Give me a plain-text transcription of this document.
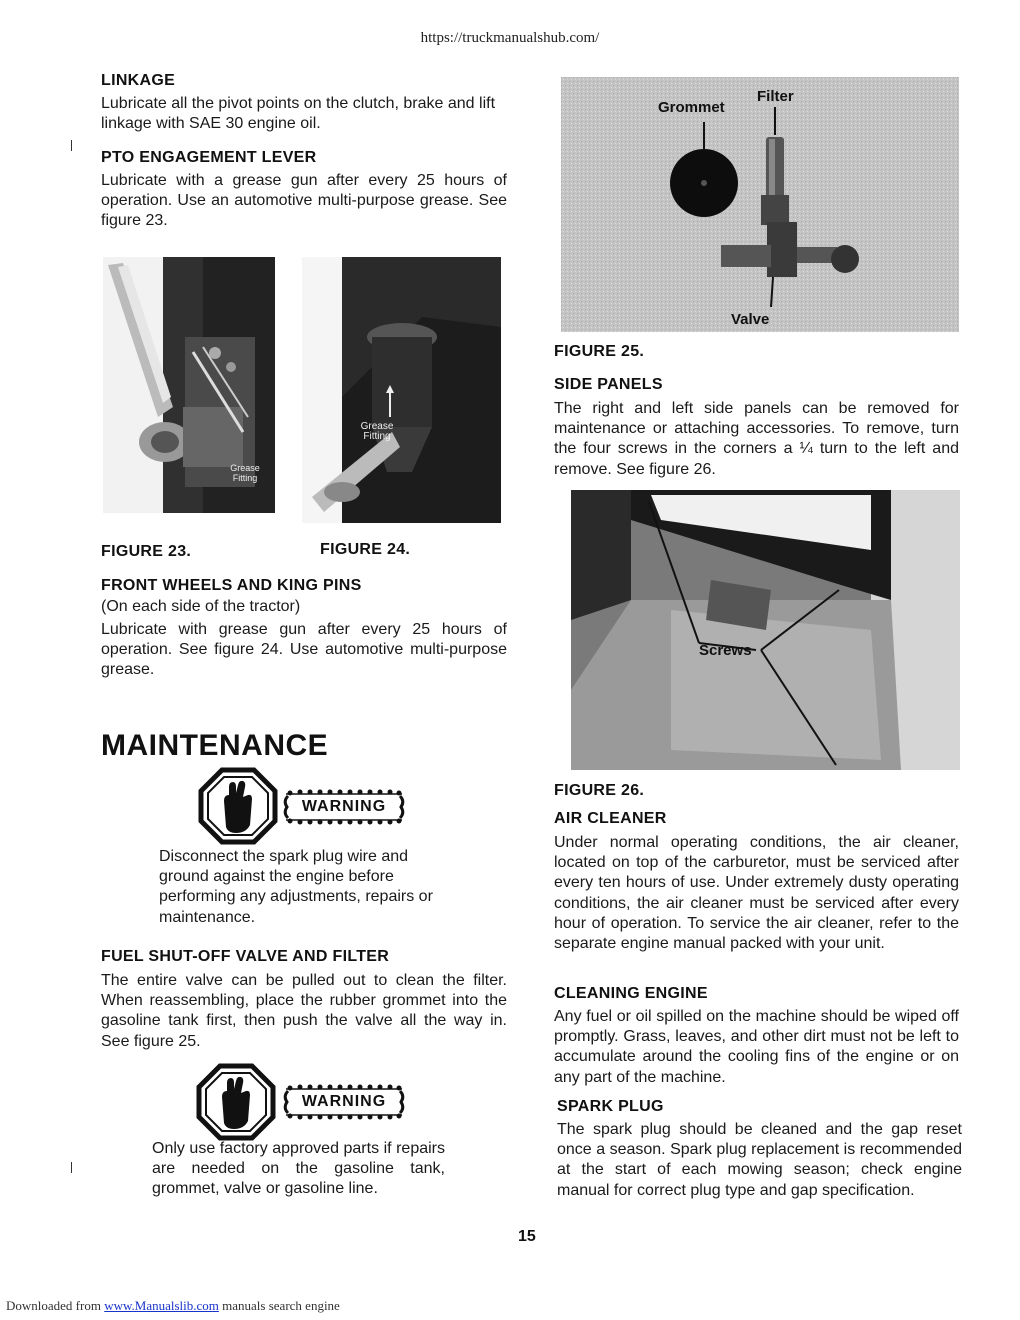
https://truckmanualshub.com/
LINKAGE
Lubricate all the pivot points on the clutch, brake and lift linkage with SAE 30 engine oil.
PTO ENGAGEMENT LEVER
Lubricate with a grease gun after every 25 hours of operation. Use an automotive multi-purpose grease. See figure 23.
Grease Fitting
Grease Fitting
FIGURE 23.	FIGURE 24.
FRONT WHEELS AND KING PINS
(On each side of the tractor)
Lubricate with grease gun after every 25 hours of operation. See figure 24. Use automotive multi-purpose grease.
MAINTENANCE
WARNING
Disconnect the spark plug wire and ground against the engine before performing any adjustments, repairs or maintenance.
FUEL SHUT-OFF VALVE AND FILTER
The entire valve can be pulled out to clean the filter. When reassembling, place the rubber grommet into the gasoline tank first, then push the valve all the way in. See figure 25.
WARNING
Only use factory approved parts if repairs are needed on the gasoline tank, grommet, valve or gasoline line.
Grommet
Filter
Valve
FIGURE 25.
SIDE PANELS
The right and left side panels can be removed for maintenance or attaching accessories. To remove, turn the four screws in the corners a ¼ turn to the left and remove. See figure 26.
Screws
FIGURE 26.
AIR CLEANER
Under normal operating conditions, the air cleaner, located on top of the carburetor, must be serviced after every ten hours of use. Under extremely dusty operating conditions, the air cleaner must be serviced after every hour of operation. To service the air cleaner, refer to the separate engine manual packed with your unit.
CLEANING ENGINE
Any fuel or oil spilled on the machine should be wiped off promptly. Grass, leaves, and other dirt must not be left to accumulate around the cooling fins of the engine or on any part of the machine.
SPARK PLUG
The spark plug should be cleaned and the gap reset once a season. Spark plug replacement is recommended at the start of each mowing season; check engine manual for correct plug type and gap specification.
15
Downloaded from www.Manualslib.com manuals search engine
